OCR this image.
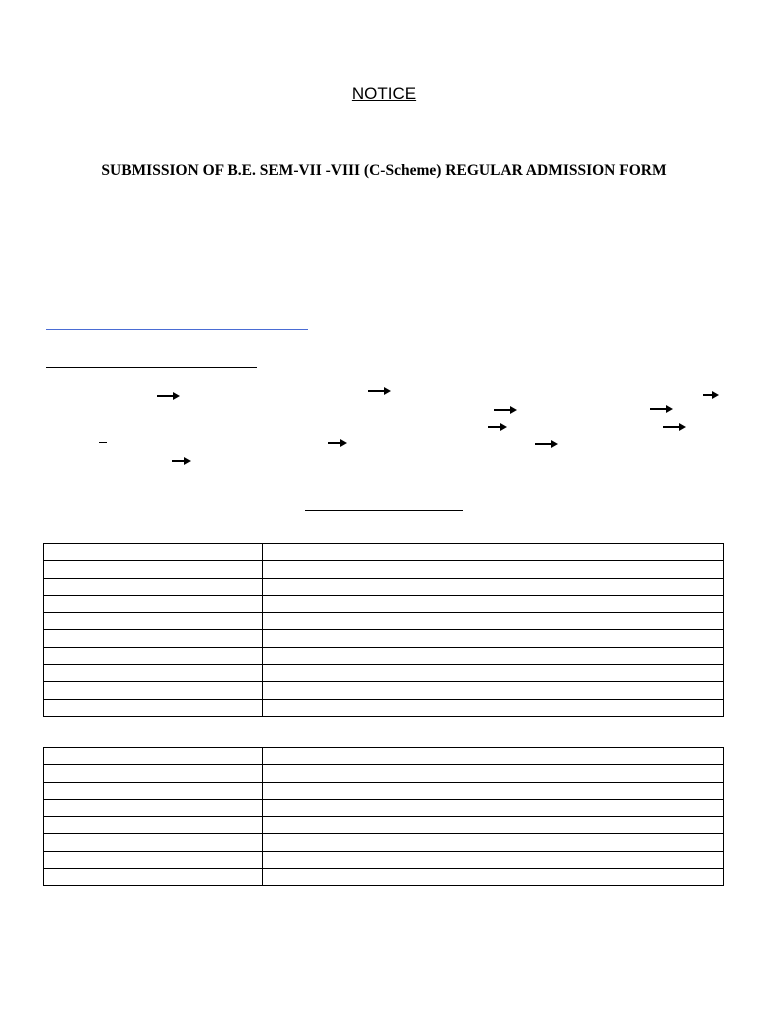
NOTICE
SUBMISSION OF B.E. SEM-VII -VIII (C-Scheme) REGULAR ADMISSION FORM
